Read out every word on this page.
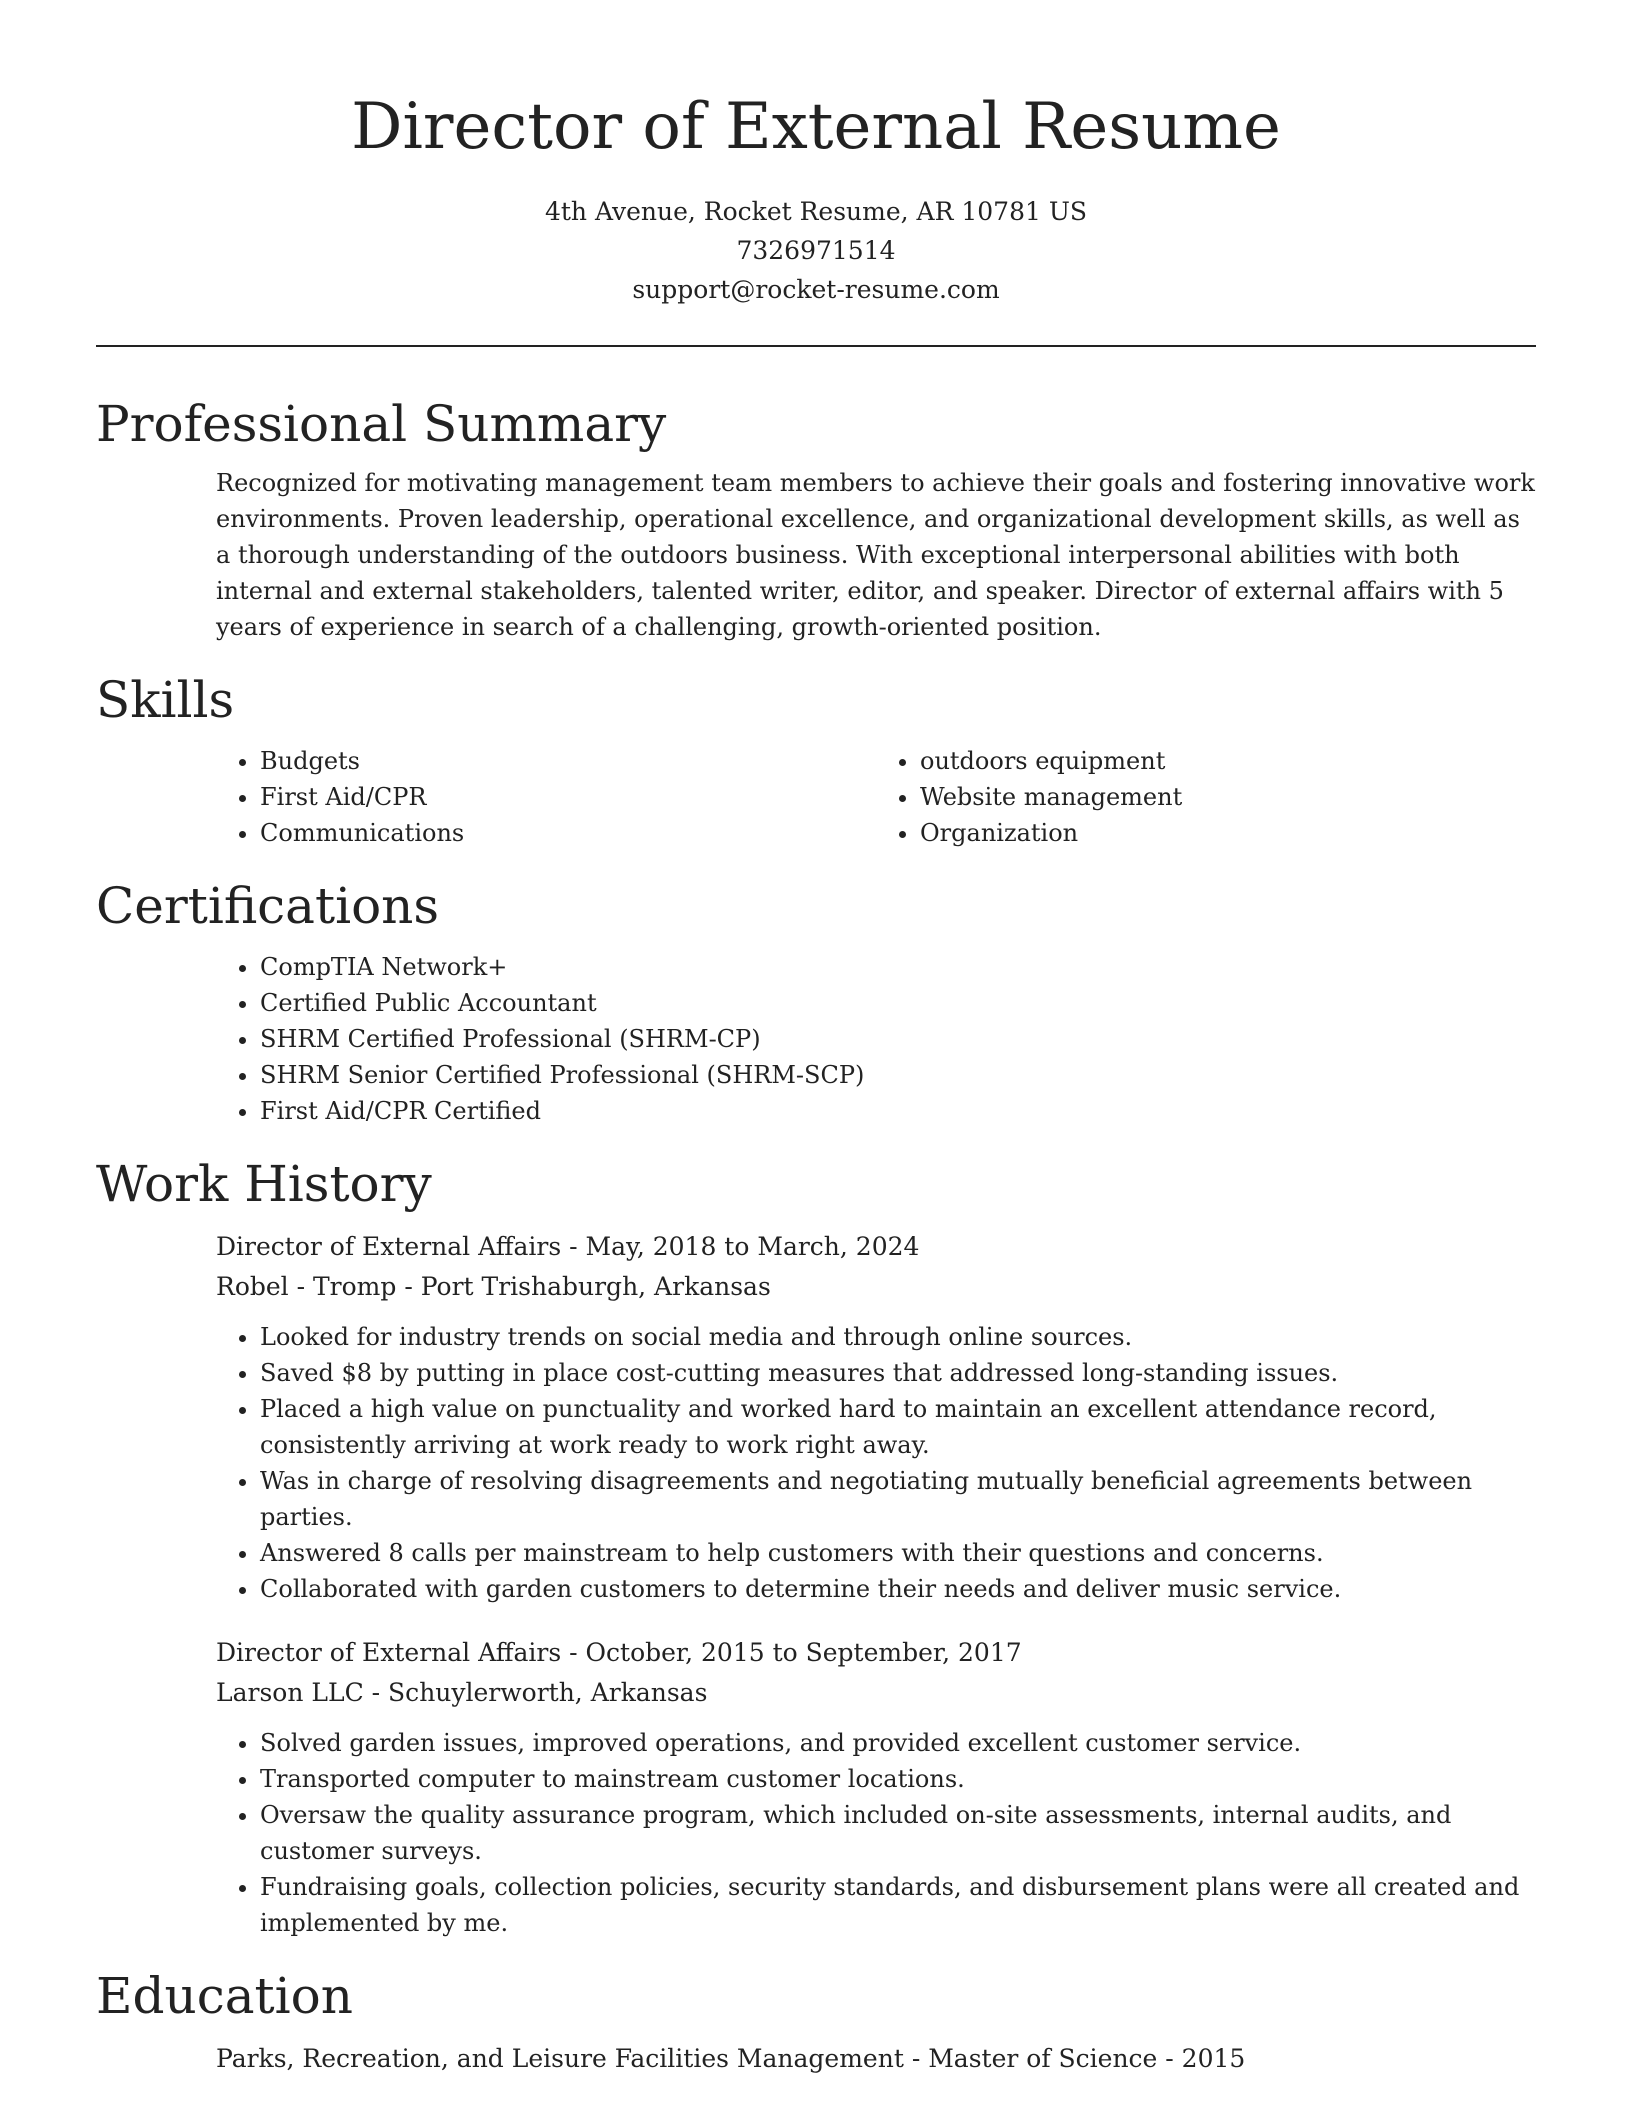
Director of External Resume
4th Avenue, Rocket Resume, AR 10781 US
7326971514
support@rocket-resume.com
Professional Summary
Recognized for motivating management team members to achieve their goals and fostering innovative work environments. Proven leadership, operational excellence, and organizational development skills, as well as a thorough understanding of the outdoors business. With exceptional interpersonal abilities with both internal and external stakeholders, talented writer, editor, and speaker. Director of external affairs with 5 years of experience in search of a challenging, growth-oriented position.
Skills
• Budgets
• First Aid/CPR
• Communications
• outdoors equipment
• Website management
• Organization
Certifications
• CompTIA Network+
• Certified Public Accountant
• SHRM Certified Professional (SHRM-CP)
• SHRM Senior Certified Professional (SHRM-SCP)
• First Aid/CPR Certified
Work History
Director of External Affairs - May, 2018 to March, 2024
Robel - Tromp - Port Trishaburgh, Arkansas
• Looked for industry trends on social media and through online sources.
• Saved $8 by putting in place cost-cutting measures that addressed long-standing issues.
• Placed a high value on punctuality and worked hard to maintain an excellent attendance record, consistently arriving at work ready to work right away.
• Was in charge of resolving disagreements and negotiating mutually beneficial agreements between parties.
• Answered 8 calls per mainstream to help customers with their questions and concerns.
• Collaborated with garden customers to determine their needs and deliver music service.
Director of External Affairs - October, 2015 to September, 2017
Larson LLC - Schuylerworth, Arkansas
• Solved garden issues, improved operations, and provided excellent customer service.
• Transported computer to mainstream customer locations.
• Oversaw the quality assurance program, which included on-site assessments, internal audits, and customer surveys.
• Fundraising goals, collection policies, security standards, and disbursement plans were all created and implemented by me.
Education
Parks, Recreation, and Leisure Facilities Management - Master of Science - 2015
